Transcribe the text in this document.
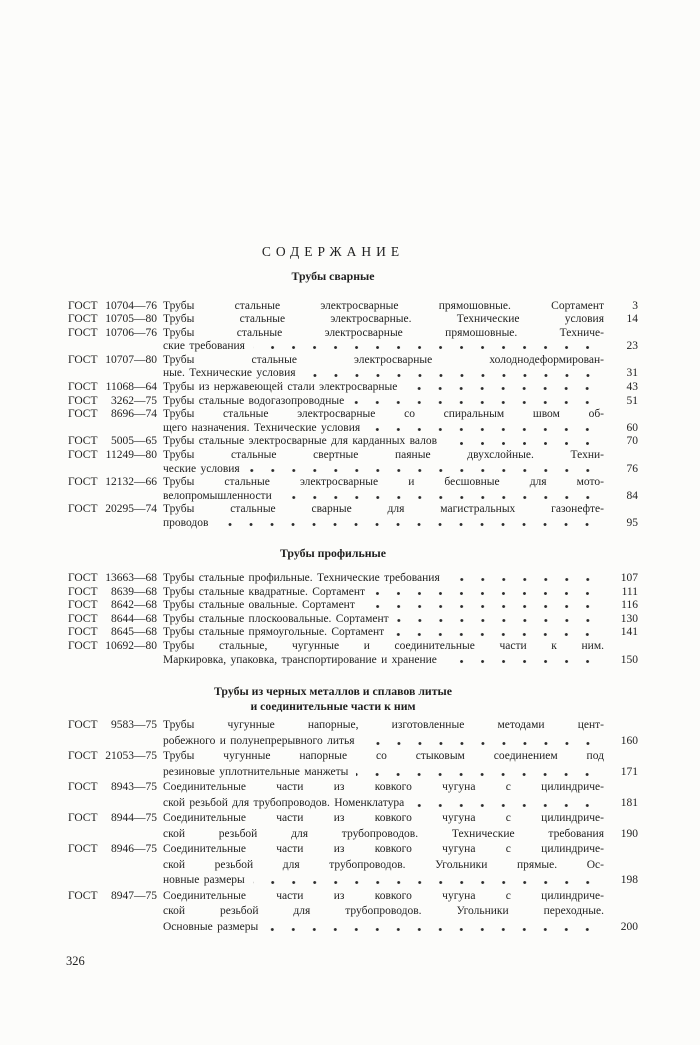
СОДЕРЖАНИЕ
Трубы сварные
ГОСТ 10704—76 Трубы стальные электросварные прямошовные. Сортамент	3
ГОСТ 10705—80 Трубы стальные электросварные. Технические условия	14
ГОСТ 10706—76 Трубы стальные электросварные прямошовные. Техниче-
ские требования	23
ГОСТ 10707—80 Трубы стальные электросварные холоднодеформирован-
ные. Технические условия	31
ГОСТ 11068—64 Трубы из нержавеющей стали электросварные	43
ГОСТ 3262—75 Трубы стальные водогазопроводные	51
ГОСТ 8696—74 Трубы стальные электросварные со спиральным швом об-
щего назначения. Технические условия	60
ГОСТ 5005—65 Трубы стальные электросварные для карданных валов	70
ГОСТ 11249—80 Трубы стальные свертные паяные двухслойные. Техни-
ческие условия	76
ГОСТ 12132—66 Трубы стальные электросварные и бесшовные для мото-
велопромышленности	84
ГОСТ 20295—74 Трубы стальные сварные для магистральных газонефте-
проводов	95
Трубы профильные
ГОСТ 13663—68 Трубы стальные профильные. Технические требования	107
ГОСТ 8639—68 Трубы стальные квадратные. Сортамент	111
ГОСТ 8642—68 Трубы стальные овальные. Сортамент	116
ГОСТ 8644—68 Трубы стальные плоскоовальные. Сортамент	130
ГОСТ 8645—68 Трубы стальные прямоугольные. Сортамент	141
ГОСТ 10692—80 Трубы стальные, чугунные и соединительные части к ним.
Маркировка, упаковка, транспортирование и хранение	150
Трубы из черных металлов и сплавов литые
и соединительные части к ним
ГОСТ 9583—75 Трубы чугунные напорные, изготовленные методами цент-
робежного и полунепрерывного литья	160
ГОСТ 21053—75 Трубы чугунные напорные со стыковым соединением под
резиновые уплотнительные манжеты	171
ГОСТ 8943—75 Соединительные части из ковкого чугуна с цилиндриче-
ской резьбой для трубопроводов. Номенклатура	181
ГОСТ 8944—75 Соединительные части из ковкого чугуна с цилиндриче-
ской резьбой для трубопроводов. Технические требования	190
ГОСТ 8946—75 Соединительные части из ковкого чугуна с цилиндриче-
ской резьбой для трубопроводов. Угольники прямые. Ос-
новные размеры	198
ГОСТ 8947—75 Соединительные части из ковкого чугуна с цилиндриче-
ской резьбой для трубопроводов. Угольники переходные.
Основные размеры	200
326
